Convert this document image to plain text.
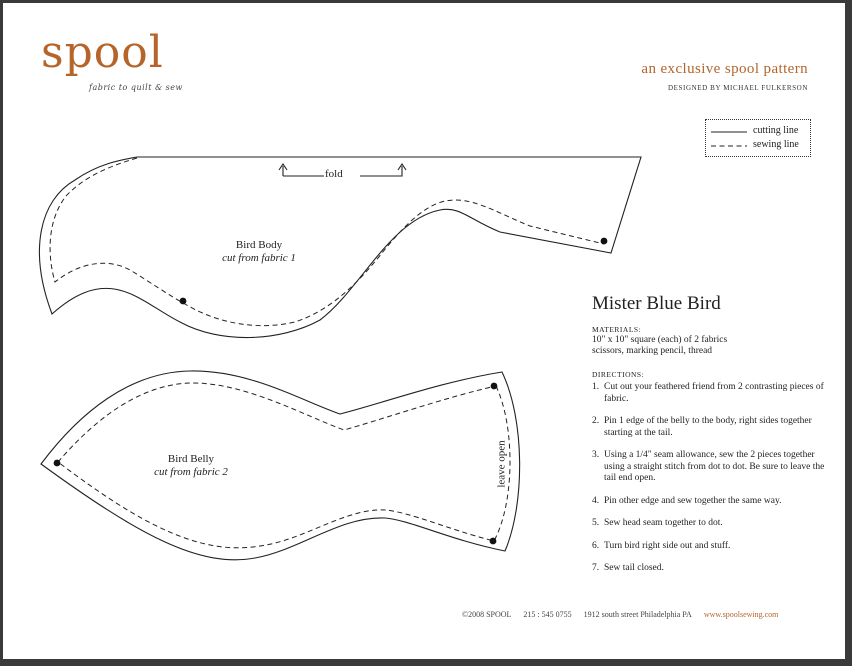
spool
fabric to quilt & sew
an exclusive spool pattern
DESIGNED BY MICHAEL FULKERSON
cutting line
sewing line
fold
Bird Body
cut from fabric 1
Bird Belly
cut from fabric 2	leave open
Mister Blue Bird
MATERIALS:
10" x 10" square (each) of 2 fabrics
scissors, marking pencil, thread
DIRECTIONS:
1. Cut out your feathered friend from 2 contrasting pieces of fabric.
2. Pin 1 edge of the belly to the body, right sides together starting at the tail.
3. Using a 1/4" seam allowance, sew the 2 pieces together using a straight stitch from dot to dot. Be sure to leave the tail end open.
4. Pin other edge and sew together the same way.
5. Sew head seam together to dot.
6. Turn bird right side out and stuff.
7. Sew tail closed.
©2008 SPOOL 215 : 545 0755 1912 south street Philadelphia PA www.spoolsewing.com
